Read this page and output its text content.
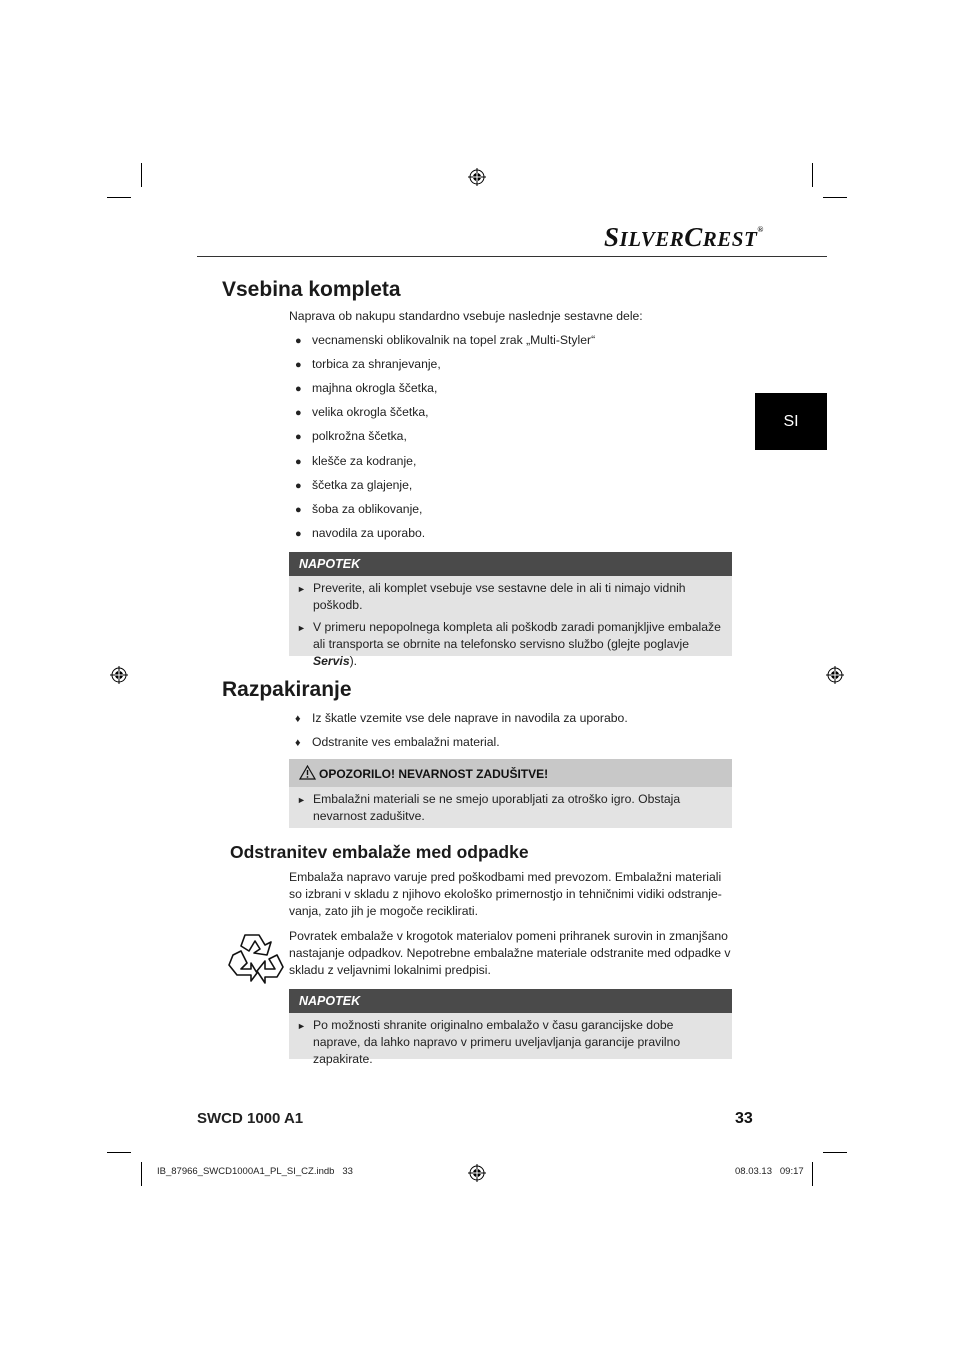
SILVERCREST®
SI
Vsebina kompleta
Naprava ob nakupu standardno vsebuje naslednje sestavne dele:
● vecnamenski oblikovalnik na topel zrak „Multi-Styler“
● torbica za shranjevanje,
● majhna okrogla ščetka,
● velika okrogla ščetka,
● polkrožna ščetka,
● klešče za kodranje,
● ščetka za glajenje,
● šoba za oblikovanje,
● navodila za uporabo.
NAPOTEK
► Preverite, ali komplet vsebuje vse sestavne dele in ali ti nimajo vidnih poškodb.
► V primeru nepopolnega kompleta ali poškodb zaradi pomanjkljive embalaže ali transporta se obrnite na telefonsko servisno službo (glejte poglavje Servis).
Razpakiranje
♦ Iz škatle vzemite vse dele naprave in navodila za uporabo.
♦ Odstranite ves embalažni material.
OPOZORILO! NEVARNOST ZADUŠITVE!
► Embalažni materiali se ne smejo uporabljati za otroško igro. Obstaja nevarnost zadušitve.
Odstranitev embalaže med odpadke
Embalaža napravo varuje pred poškodbami med prevozom. Embalažni materiali so izbrani v skladu z njihovo ekološko primernostjo in tehničnimi vidiki odstranjevanja, zato jih je mogoče reciklirati.
Povratek embalaže v krogotok materialov pomeni prihranek surovin in zmanjšano nastajanje odpadkov. Nepotrebne embalažne materiale odstranite med odpadke v skladu z veljavnimi lokalnimi predpisi.
NAPOTEK
► Po možnosti shranite originalno embalažo v času garancijske dobe naprave, da lahko napravo v primeru uveljavljanja garancije pravilno zapakirate.
SWCD 1000 A1	33
IB_87966_SWCD1000A1_PL_SI_CZ.indb   33	08.03.13   09:17
